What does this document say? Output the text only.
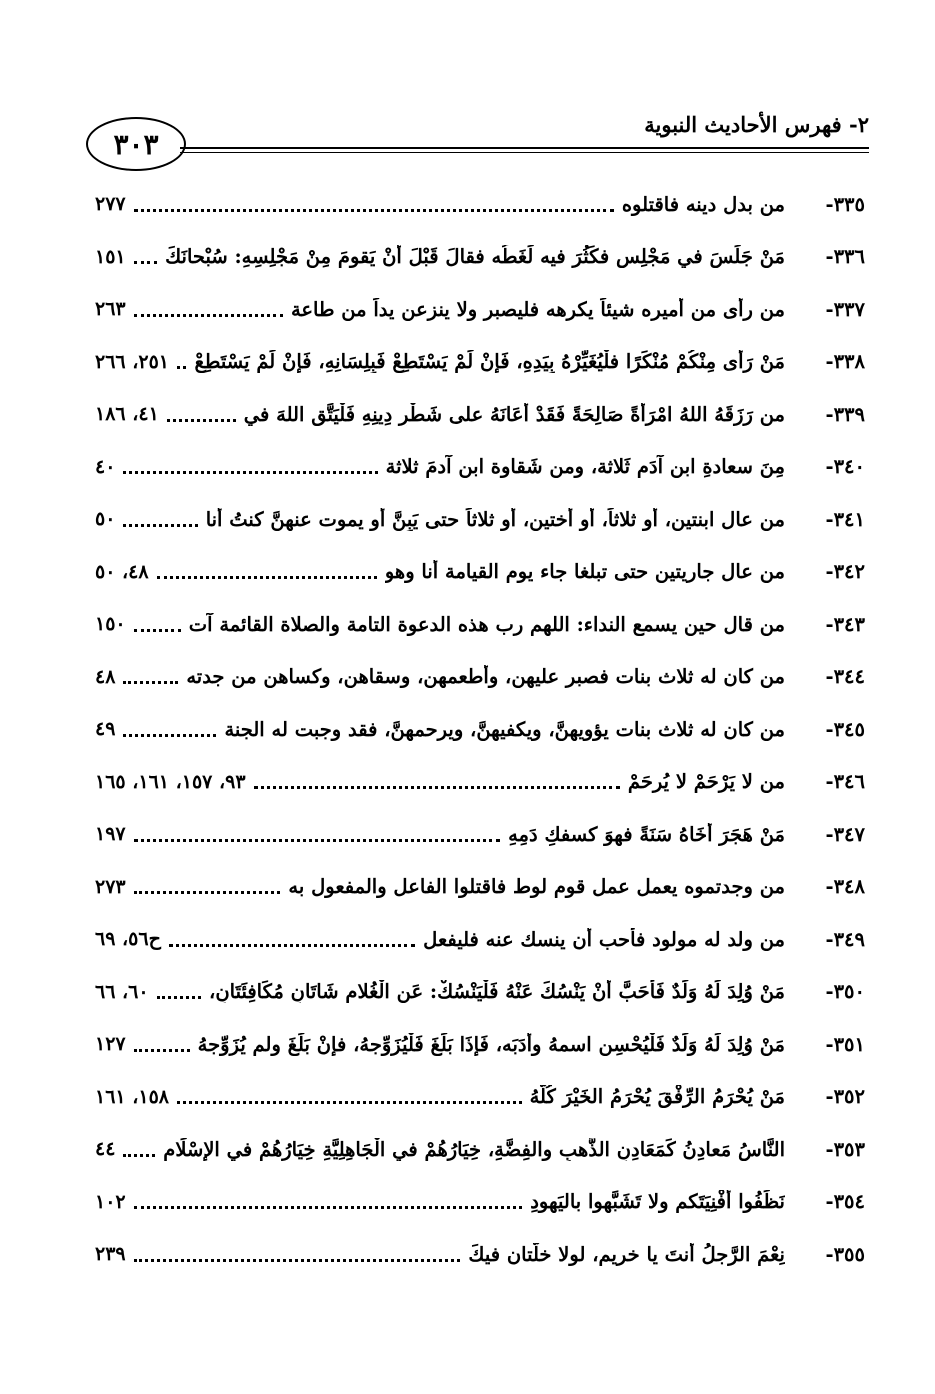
٣٠٣
٢- فهرس الأحاديث النبوية
٣٣٥-
من بدل دينه فاقتلوه
٢٧٧
٣٣٦-
مَنْ جَلَسَ في مَجْلِسٍ فكَثُرَ فيه لَغَطُه فقالَ قَبْلَ أنْ يَقومَ مِنْ مَجْلِسِهِ: سُبْحانَكَ
١٥١
٣٣٧-
من رأى من أميره شيئاً يكرهه فليصبر ولا ينزعن يداً من طاعة
٢٦٣
٣٣٨-
مَنْ رَأَى مِنْكُمْ مُنْكَرًا فلْيُغَيِّرْهُ بِيَدِهِ، فَإِنْ لَمْ يَسْتَطِعْ فَبِلِسَانِهِ، فَإِنْ لَمْ يَسْتَطِعْ
٢٥١، ٢٦٦
٣٣٩-
من رَزَقَهُ اللهُ امْرَأَةً صَالِحَةً فَقَدْ أَعَانَهُ على شَطْرِ دِينِهِ فَلْيَتَّقِ اللهَ في
٤١، ١٨٦
٣٤٠-
مِنَ سعادةِ ابن آدَم ثَلاثة، ومن شَقاوة ابنِ آدمَ ثلاثة
٤٠
٣٤١-
من عال ابنتين، أو ثلاثاً، أو أختين، أو ثلاثاً حتى يَبِنَّ أو يموت عنهنَّ كنتُ أنا
٥٠
٣٤٢-
من عال جاريتين حتى تبلغا جاء يوم القيامة أنا وهو
٤٨، ٥٠
٣٤٣-
من قال حين يسمع النداء: اللهم رب هذه الدعوة التامة والصلاة القائمة آت
١٥٠
٣٤٤-
من كان له ثلاث بنات فصبر عليهن، وأطعمهن، وسقاهن، وكساهن من جدته
٤٨
٣٤٥-
من كان له ثلاث بنات يؤويهنَّ، ويكفيهنَّ، ويرحمهنَّ، فقد وجبت له الجنة
٤٩
٣٤٦-
من لا يَرْحَمْ لا يُرحَمْ
٩٣، ١٥٧، ١٦١، ١٦٥
٣٤٧-
مَنْ هَجَرَ أَخَاهُ سَنَةً فهوَ كسفكِ دَمِهِ
١٩٧
٣٤٨-
من وجدتموه يعمل عمل قوم لوط فاقتلوا الفاعل والمفعول به
٢٧٣
٣٤٩-
من ولد له مولود فأحب أن ينسك عنه فليفعل
ح٥٦، ٦٩
٣٥٠-
مَنْ وُلِدَ لَهُ وَلَدٌ فَأَحَبَّ أَنْ يَنْسُكَ عَنْهُ فَلْيَنْسُكْ: عَنِ الْغُلامِ شَاتَانِ مُكَافِئَتَانِ،
٦٠، ٦٦
٣٥١-
مَنْ وُلِدَ لَهُ وَلَدٌ فَلْيُحْسِن اسمهُ وأَدَبَه، فَإِذَا بَلَغَ فَلْيُزَوِّجهُ، فإنْ بَلَغَ ولم يُزَوِّجهُ
١٢٧
٣٥٢-
مَنْ يُحْرَمُ الرِّفْقَ يُحْرَمُ الخَيْرَ كُلَّهُ
١٥٨، ١٦١
٣٥٣-
النَّاسُ مَعادِنُ كَمَعَادِنِ الذَّهبِ والفِضَّةِ، خِيَارُهُمْ في الْجَاهِلِيَّةِ خِيَارُهُمْ في الإِسْلَامِ
٤٤
٣٥٤-
نَظِّفُوا أَفْنِيَتَكم ولا تَشَبَّهوا باليَهودِ
١٠٢
٣٥٥-
نِعْمَ الرَّجلُ أنتَ يا خريم، لولا خلَّتان فيكَ
٢٣٩
